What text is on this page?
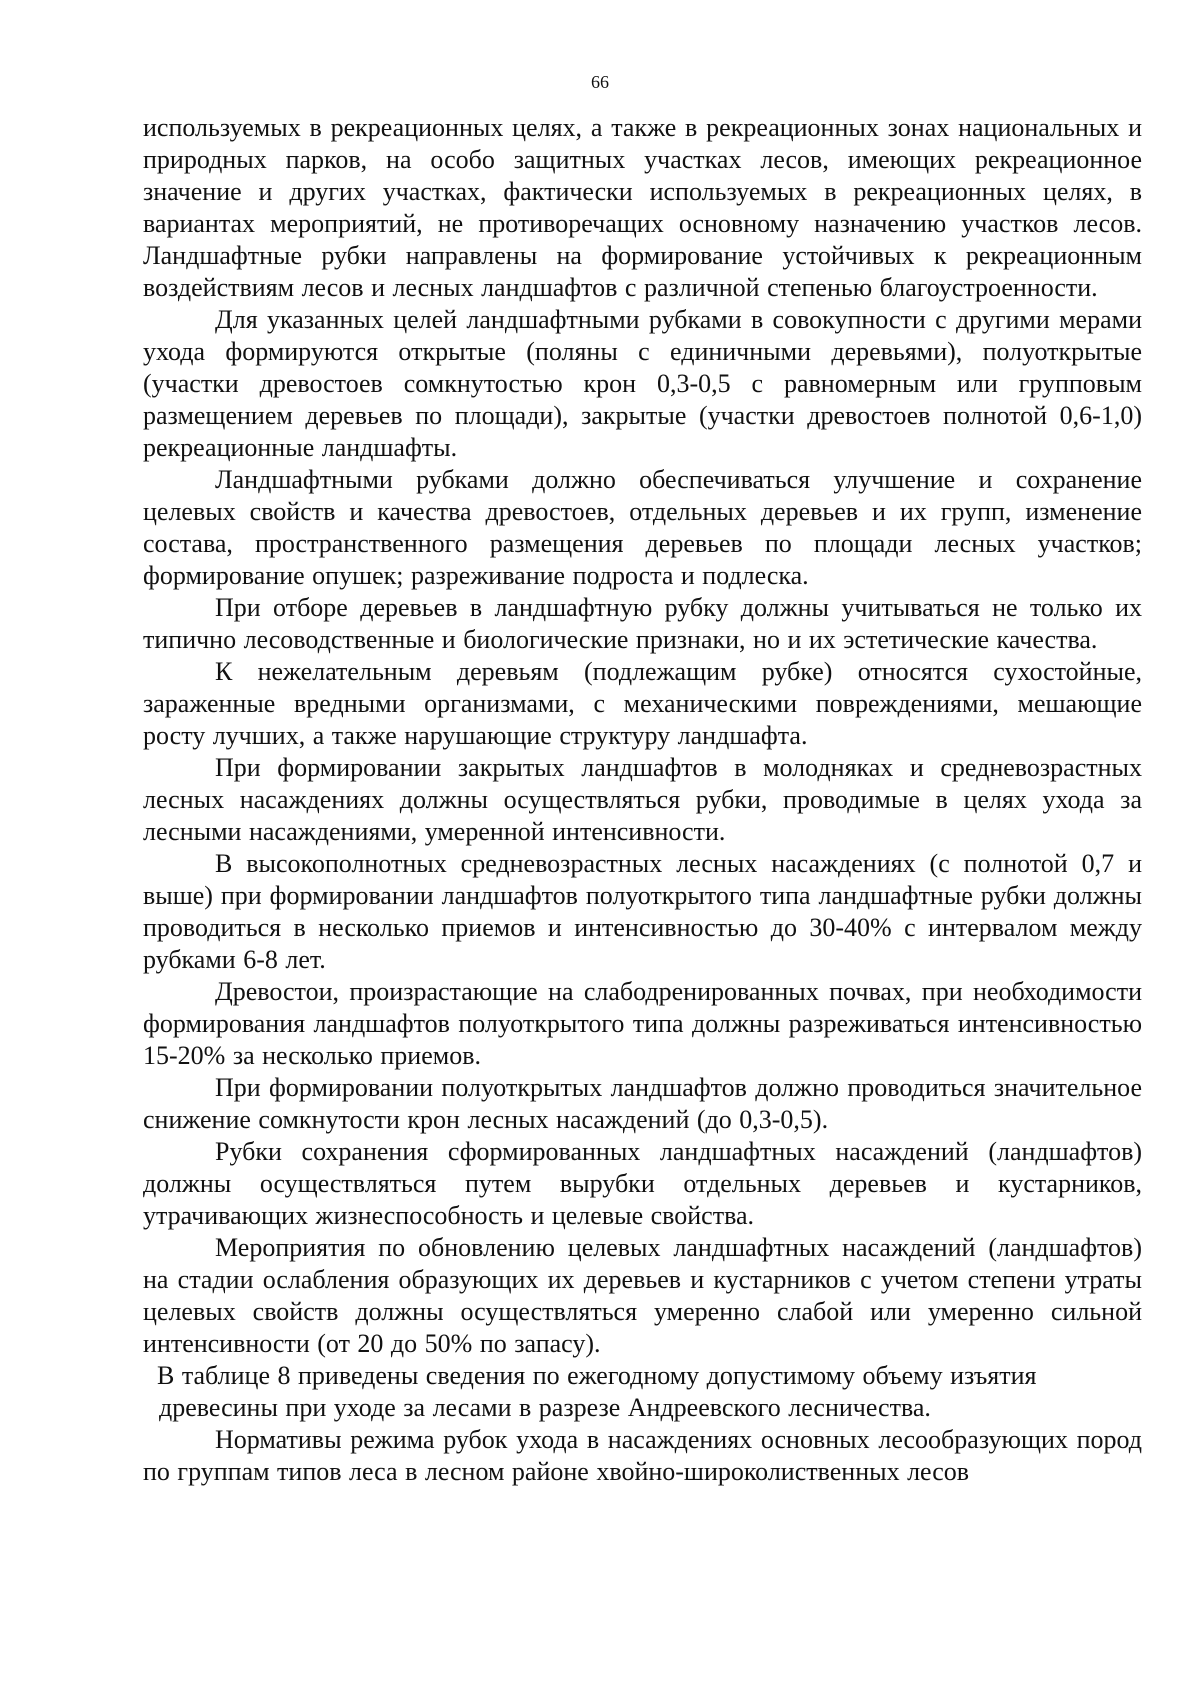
66

используемых в рекреационных целях, а также в рекреационных зонах национальных и природных парков, на особо защитных участках лесов, имеющих рекреационное значение и других участках, фактически используемых в рекреационных целях, в вариантах мероприятий, не противоречащих основному назначению участков лесов. Ландшафтные рубки направлены на формирование устойчивых к рекреационным воздействиям лесов и лесных ландшафтов с различной степенью благоустроенности.

Для указанных целей ландшафтными рубками в совокупности с другими мерами ухода формируются открытые (поляны с единичными деревьями), полуоткрытые (участки древостоев сомкнутостью крон 0,3-0,5 с равномерным или групповым размещением деревьев по площади), закрытые (участки древостоев полнотой 0,6-1,0) рекреационные ландшафты.

Ландшафтными рубками должно обеспечиваться улучшение и сохранение целевых свойств и качества древостоев, отдельных деревьев и их групп, изменение состава, пространственного размещения деревьев по площади лесных участков; формирование опушек; разреживание подроста и подлеска.

При отборе деревьев в ландшафтную рубку должны учитываться не только их типично лесоводственные и биологические признаки, но и их эстетические качества.

К нежелательным деревьям (подлежащим рубке) относятся сухостойные, зараженные вредными организмами, с механическими повреждениями, мешающие росту лучших, а также нарушающие структуру ландшафта.

При формировании закрытых ландшафтов в молодняках и средневозрастных лесных насаждениях должны осуществляться рубки, проводимые в целях ухода за лесными насаждениями, умеренной интенсивности.

В высокополнотных средневозрастных лесных насаждениях (с полнотой 0,7 и выше) при формировании ландшафтов полуоткрытого типа ландшафтные рубки должны проводиться в несколько приемов и интенсивностью до 30-40% с интервалом между рубками 6-8 лет.

Древостои, произрастающие на слабодренированных почвах, при необходимости формирования ландшафтов полуоткрытого типа должны разреживаться интенсивностью 15-20% за несколько приемов.

При формировании полуоткрытых ландшафтов должно проводиться значительное снижение сомкнутости крон лесных насаждений (до 0,3-0,5).

Рубки сохранения сформированных ландшафтных насаждений (ландшафтов) должны осуществляться путем вырубки отдельных деревьев и кустарников, утрачивающих жизнеспособность и целевые свойства.

Мероприятия по обновлению целевых ландшафтных насаждений (ландшафтов) на стадии ослабления образующих их деревьев и кустарников с учетом степени утраты целевых свойств должны осуществляться умеренно слабой или умеренно сильной интенсивности (от 20 до 50% по запасу).

В таблице 8 приведены сведения по ежегодному допустимому объему изъятия
древесины при уходе за лесами в разрезе Андреевского лесничества.

Нормативы режима рубок ухода в насаждениях основных лесообразующих пород по группам типов леса в лесном районе хвойно-широколиственных лесов
